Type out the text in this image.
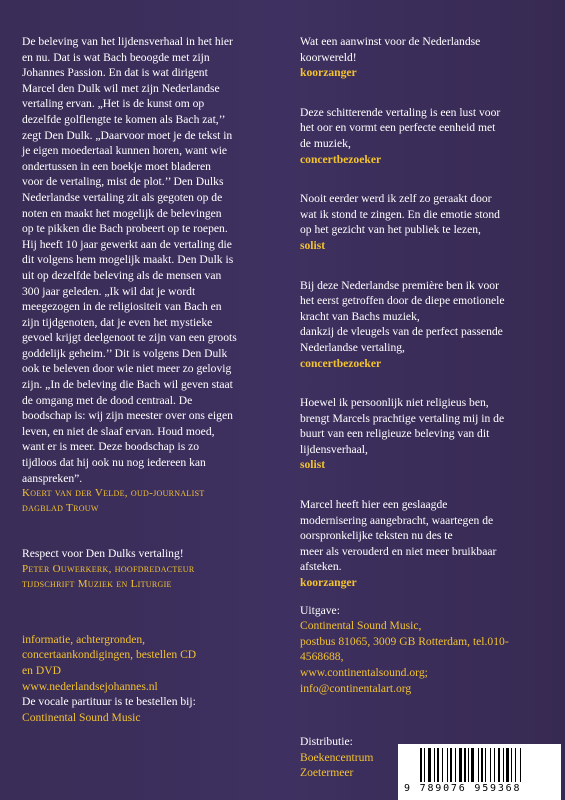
De beleving van het lijdensverhaal in het hier

en nu. Dat is wat Bach beoogde met zijn

Johannes Passion. En dat is wat dirigent

Marcel den Dulk wil met zijn Nederlandse

vertaling ervan. „Het is de kunst om op

dezelfde golflengte te komen als Bach zat,’’

zegt Den Dulk. „Daarvoor moet je de tekst in

je eigen moedertaal kunnen horen, want wie

ondertussen in een boekje moet bladeren

voor de vertaling, mist de plot.’’ Den Dulks

Nederlandse vertaling zit als gegoten op de

noten en maakt het mogelijk de belevingen

op te pikken die Bach probeert op te roepen.

Hij heeft 10 jaar gewerkt aan de vertaling die

dit volgens hem mogelijk maakt. Den Dulk is

uit op dezelfde beleving als de mensen van

300 jaar geleden. „Ik wil dat je wordt

meegezogen in de religiositeit van Bach en

zijn tijdgenoten, dat je even het mystieke

gevoel krijgt deelgenoot te zijn van een groots

goddelijk geheim.’’ Dit is volgens Den Dulk

ook te beleven door wie niet meer zo gelovig

zijn. „In de beleving die Bach wil geven staat

de omgang met de dood centraal. De

boodschap is: wij zijn meester over ons eigen

leven, en niet de slaaf ervan. Houd moed,

want er is meer. Deze boodschap is zo

tijdloos dat hij ook nu nog iedereen kan

aanspreken”.

Koert van der Velde, oud-journalist
dagblad Trouw

Respect voor Den Dulks vertaling!

Peter Ouwerkerk, hoofdredacteur
tijdschrift Muziek en Liturgie

informatie, achtergronden,

concertaankondigingen, bestellen CD

en DVD

www.nederlandsejohannes.nl

De vocale partituur is te bestellen bij:

Continental Sound Music

Wat een aanwinst voor de Nederlandse

koorwereld!

koorzanger

Deze schitterende vertaling is een lust voor

het oor en vormt een perfecte eenheid met

de muziek,

concertbezoeker

Nooit eerder werd ik zelf zo geraakt door

wat ik stond te zingen. En die emotie stond

op het gezicht van het publiek te lezen,

solist

Bij deze Nederlandse première ben ik voor

het eerst getroffen door de diepe emotionele

kracht van Bachs muziek,

dankzij de vleugels van de perfect passende

Nederlandse vertaling,

concertbezoeker

Hoewel ik persoonlijk niet religieus ben,

brengt Marcels prachtige vertaling mij in de

buurt van een religieuze beleving van dit

lijdensverhaal,

solist

Marcel heeft hier een geslaagde

modernisering aangebracht, waartegen de

oorspronkelijke teksten nu des te

meer als verouderd en niet meer bruikbaar

afsteken.

koorzanger

Uitgave:

Continental Sound Music,

postbus 81065, 3009 GB Rotterdam, tel.010-

4568688,

www.continentalsound.org;

info@continentalart.org

Distributie:

Boekencentrum

Zoetermeer

9 789076 959368
